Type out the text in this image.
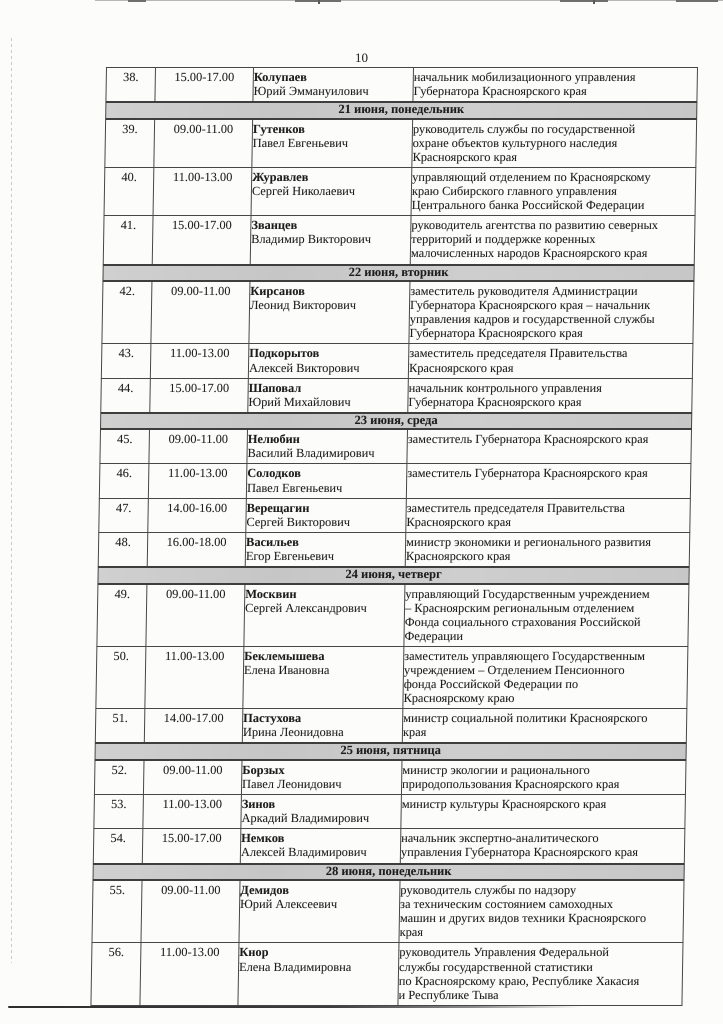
10
38.	15.00-17.00	Колупаев
Юрий Эммануилович
	начальник мобилизационного управления
Губернатора Красноярского края
21 июня, понедельник			
39.	09.00-11.00	Гутенков
Павел Евгеньевич
	руководитель службы по государственной
охране объектов культурного наследия
Красноярского края
40.	11.00-13.00	Журавлев
Сергей Николаевич
	управляющий отделением по Красноярскому
краю Сибирского главного управления
Центрального банка Российской Федерации
41.	15.00-17.00	Званцев
Владимир Викторович
	руководитель агентства по развитию северных
территорий и поддержке коренных
малочисленных народов Красноярского края
22 июня, вторник			
42.	09.00-11.00	Кирсанов
Леонид Викторович
	заместитель руководителя Администрации
Губернатора Красноярского края – начальник
управления кадров и государственной службы
Губернатора Красноярского края
43.	11.00-13.00	Подкорытов
Алексей Викторович
	заместитель председателя Правительства
Красноярского края
44.	15.00-17.00	Шаповал
Юрий Михайлович
	начальник контрольного управления
Губернатора Красноярского края
23 июня, среда			
45.	09.00-11.00	Нелюбин
Василий Владимирович	заместитель Губернатора Красноярского края
46.	11.00-13.00	Солодков
Павел Евгеньевич	заместитель Губернатора Красноярского края
47.	14.00-16.00	Верещагин
Сергей Викторович
	заместитель председателя Правительства
Красноярского края
48.	16.00-18.00	Васильев
Егор Евгеньевич
	министр экономики и регионального развития
Красноярского края
24 июня, четверг			
49.	09.00-11.00	Москвин
Сергей Александрович
	управляющий Государственным учреждением
– Красноярским региональным отделением
Фонда социального страхования Российской
Федерации
50.	11.00-13.00	Беклемышева
Елена Ивановна
	заместитель управляющего Государственным
учреждением – Отделением Пенсионного
фонда Российской Федерации по
Красноярскому краю
51.	14.00-17.00	Пастухова
Ирина Леонидовна
	министр социальной политики Красноярского
края
25 июня, пятница			
52.	09.00-11.00	Борзых
Павел Леонидович
	министр экологии и рационального
природопользования Красноярского края
53.	11.00-13.00	Зинов
Аркадий Владимирович	министр культуры Красноярского края
54.	15.00-17.00	Немков
Алексей Владимирович
	начальник экспертно-аналитического
управления Губернатора Красноярского края
28 июня, понедельник			
55.	09.00-11.00	Демидов
Юрий Алексеевич
	руководитель службы по надзору
за техническим состоянием самоходных
машин и других видов техники Красноярского
края
56.	11.00-13.00	Кнор
Елена Владимировна
	руководитель Управления Федеральной
службы государственной статистики
по Красноярскому краю, Республике Хакасия
и Республике Тыва
